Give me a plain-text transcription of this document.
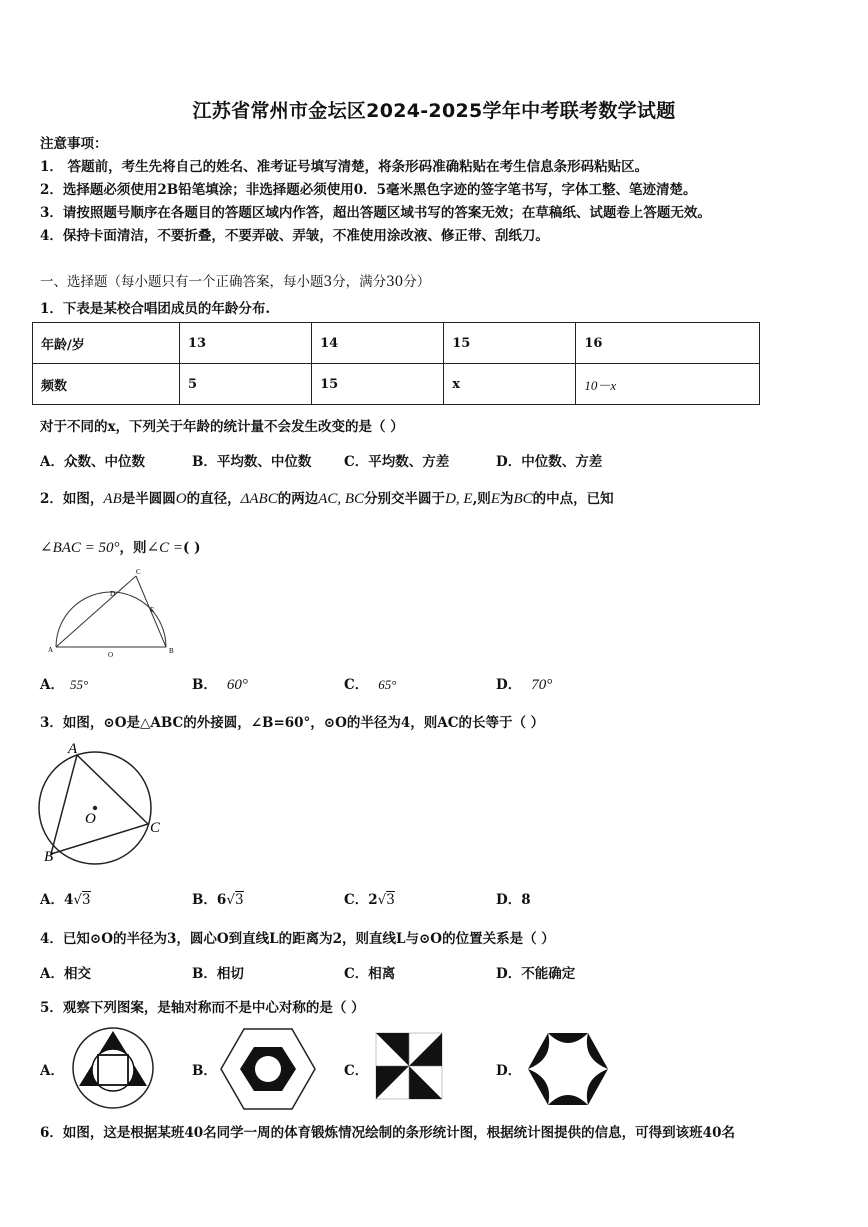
江苏省常州市金坛区2024-2025学年中考联考数学试题
注意事项：
1． 答题前，考生先将自己的姓名、准考证号填写清楚，将条形码准确粘贴在考生信息条形码粘贴区。
2．选择题必须使用2B铅笔填涂；非选择题必须使用0．5毫米黑色字迹的签字笔书写，字体工整、笔迹清楚。
3．请按照题号顺序在各题目的答题区域内作答，超出答题区域书写的答案无效；在草稿纸、试题卷上答题无效。
4．保持卡面清洁，不要折叠，不要弄破、弄皱，不准使用涂改液、修正带、刮纸刀。
一、选择题（每小题只有一个正确答案，每小题3分，满分30分）
1．下表是某校合唱团成员的年龄分布.
年龄/岁	13	14	15	16
频数	5	15	x	10－x
对于不同的x，下列关于年龄的统计量不会发生改变的是（ ）
A．众数、中位数	B．平均数、中位数 C．平均数、方差	D．中位数、方差
2．如图，AB是半圆圆O的直径，ΔABC的两边AC, BC分别交半圆于D, E,则E为BC的中点，已知
∠BAC = 50°，则∠C =( )
A	B
C
D
E
O
A． 55°	B． 60°	C． 65°	D． 70°
3．如图，⊙O是△ABC的外接圆，∠B=60°，⊙O的半径为4，则AC的长等于（ ）
A
B
C
O
A．4√3	B．6√3	C．2√3	D．8
4．已知⊙O的半径为3，圆心O到直线L的距离为2，则直线L与⊙O的位置关系是（ ）
A．相交	B．相切	C．相离	D．不能确定
5．观察下列图案，是轴对称而不是中心对称的是（ ）
A．	B．	C．	D．
6．如图，这是根据某班40名同学一周的体育锻炼情况绘制的条形统计图，根据统计图提供的信息，可得到该班40名
